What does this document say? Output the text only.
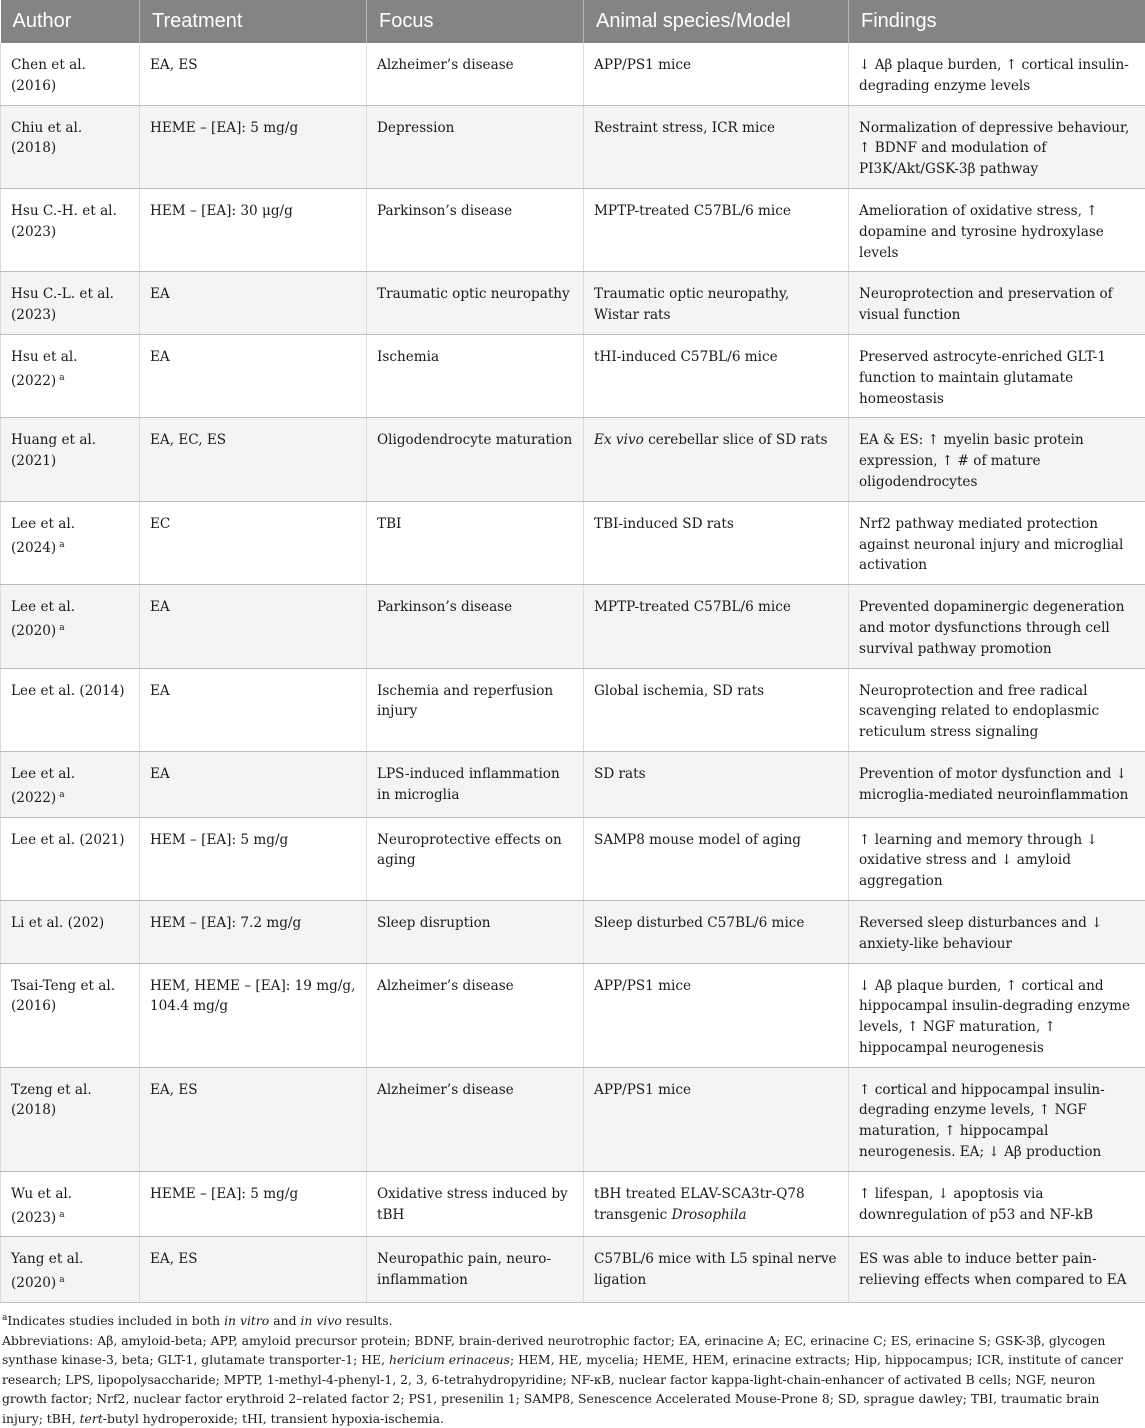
Author	Treatment	Focus	Animal species/Model	Findings
Chen et al. (2016)	EA, ES	Alzheimer’s disease	APP/PS1 mice	↓ Aβ plaque burden, ↑ cortical insulin-degrading enzyme levels
Chiu et al. (2018)	HEME – [EA]: 5 mg/g	Depression	Restraint stress, ICR mice	Normalization of depressive behaviour, ↑ BDNF and modulation of PI3K/Akt/GSK-3β pathway
Hsu C.-H. et al. (2023)	HEM – [EA]: 30 μg/g	Parkinson’s disease	MPTP-treated C57BL/6 mice	Amelioration of oxidative stress, ↑ dopamine and tyrosine hydroxylase levels
Hsu C.-L. et al. (2023)	EA	Traumatic optic neuropathy	Traumatic optic neuropathy, Wistar rats	Neuroprotection and preservation of visual function
Hsu et al. (2022) $^a$	EA	Ischemia	tHI-induced C57BL/6 mice	Preserved astrocyte-enriched GLT-1 function to maintain glutamate homeostasis
Huang et al. (2021)	EA, EC, ES	Oligodendrocyte maturation	Ex vivo cerebellar slice of SD rats	EA & ES: ↑ myelin basic protein expression, ↑ # of mature oligodendrocytes
Lee et al. (2024) $^a$	EC	TBI	TBI-induced SD rats	Nrf2 pathway mediated protection against neuronal injury and microglial activation
Lee et al. (2020) $^a$	EA	Parkinson’s disease	MPTP-treated C57BL/6 mice	Prevented dopaminergic degeneration and motor dysfunctions through cell survival pathway promotion
Lee et al. (2014)	EA	Ischemia and reperfusion injury	Global ischemia, SD rats	Neuroprotection and free radical scavenging related to endoplasmic reticulum stress signaling
Lee et al. (2022) $^a$	EA	LPS-induced inflammation in microglia	SD rats	Prevention of motor dysfunction and ↓ microglia-mediated neuroinflammation
Lee et al. (2021)	HEM – [EA]: 5 mg/g	Neuroprotective effects on aging	SAMP8 mouse model of aging	↑ learning and memory through ↓ oxidative stress and ↓ amyloid aggregation
Li et al. (202)	HEM – [EA]: 7.2 mg/g	Sleep disruption	Sleep disturbed C57BL/6 mice	Reversed sleep disturbances and ↓ anxiety-like behaviour
Tsai-Teng et al. (2016)	HEM, HEME – [EA]: 19 mg/g, 104.4 mg/g	Alzheimer’s disease	APP/PS1 mice	↓ Aβ plaque burden, ↑ cortical and hippocampal insulin-degrading enzyme levels, ↑ NGF maturation, ↑ hippocampal neurogenesis
Tzeng et al. (2018)	EA, ES	Alzheimer’s disease	APP/PS1 mice	↑ cortical and hippocampal insulin-degrading enzyme levels, ↑ NGF maturation, ↑ hippocampal neurogenesis. EA; ↓ Aβ production
Wu et al. (2023) $^a$	HEME – [EA]: 5 mg/g	Oxidative stress induced by tBH	tBH treated ELAV-SCA3tr-Q78 transgenic Drosophila	↑ lifespan, ↓ apoptosis via downregulation of p53 and NF-kB
Yang et al. (2020) $^a$	EA, ES	Neuropathic pain, neuro-inflammation	C57BL/6 mice with L5 spinal nerve ligation	ES was able to induce better pain-relieving effects when compared to EA

$^a$Indicates studies included in both in vitro and in vivo results.

Abbreviations: Aβ, amyloid-beta; APP, amyloid precursor protein; BDNF, brain-derived neurotrophic factor; EA, erinacine A; EC, erinacine C; ES, erinacine S; GSK-3β, glycogen synthase kinase-3, beta; GLT-1, glutamate transporter-1; HE, hericium erinaceus; HEM, HE, mycelia; HEME, HEM, erinacine extracts; Hip, hippocampus; ICR, institute of cancer research; LPS, lipopolysaccharide; MPTP, 1-methyl-4-phenyl-1, 2, 3, 6-tetrahydropyridine; NF-κB, nuclear factor kappa-light-chain-enhancer of activated B cells; NGF, neuron growth factor; Nrf2, nuclear factor erythroid 2–related factor 2; PS1, presenilin 1; SAMP8, Senescence Accelerated Mouse-Prone 8; SD, sprague dawley; TBI, traumatic brain injury; tBH, tert-butyl hydroperoxide; tHI, transient hypoxia-ischemia.
